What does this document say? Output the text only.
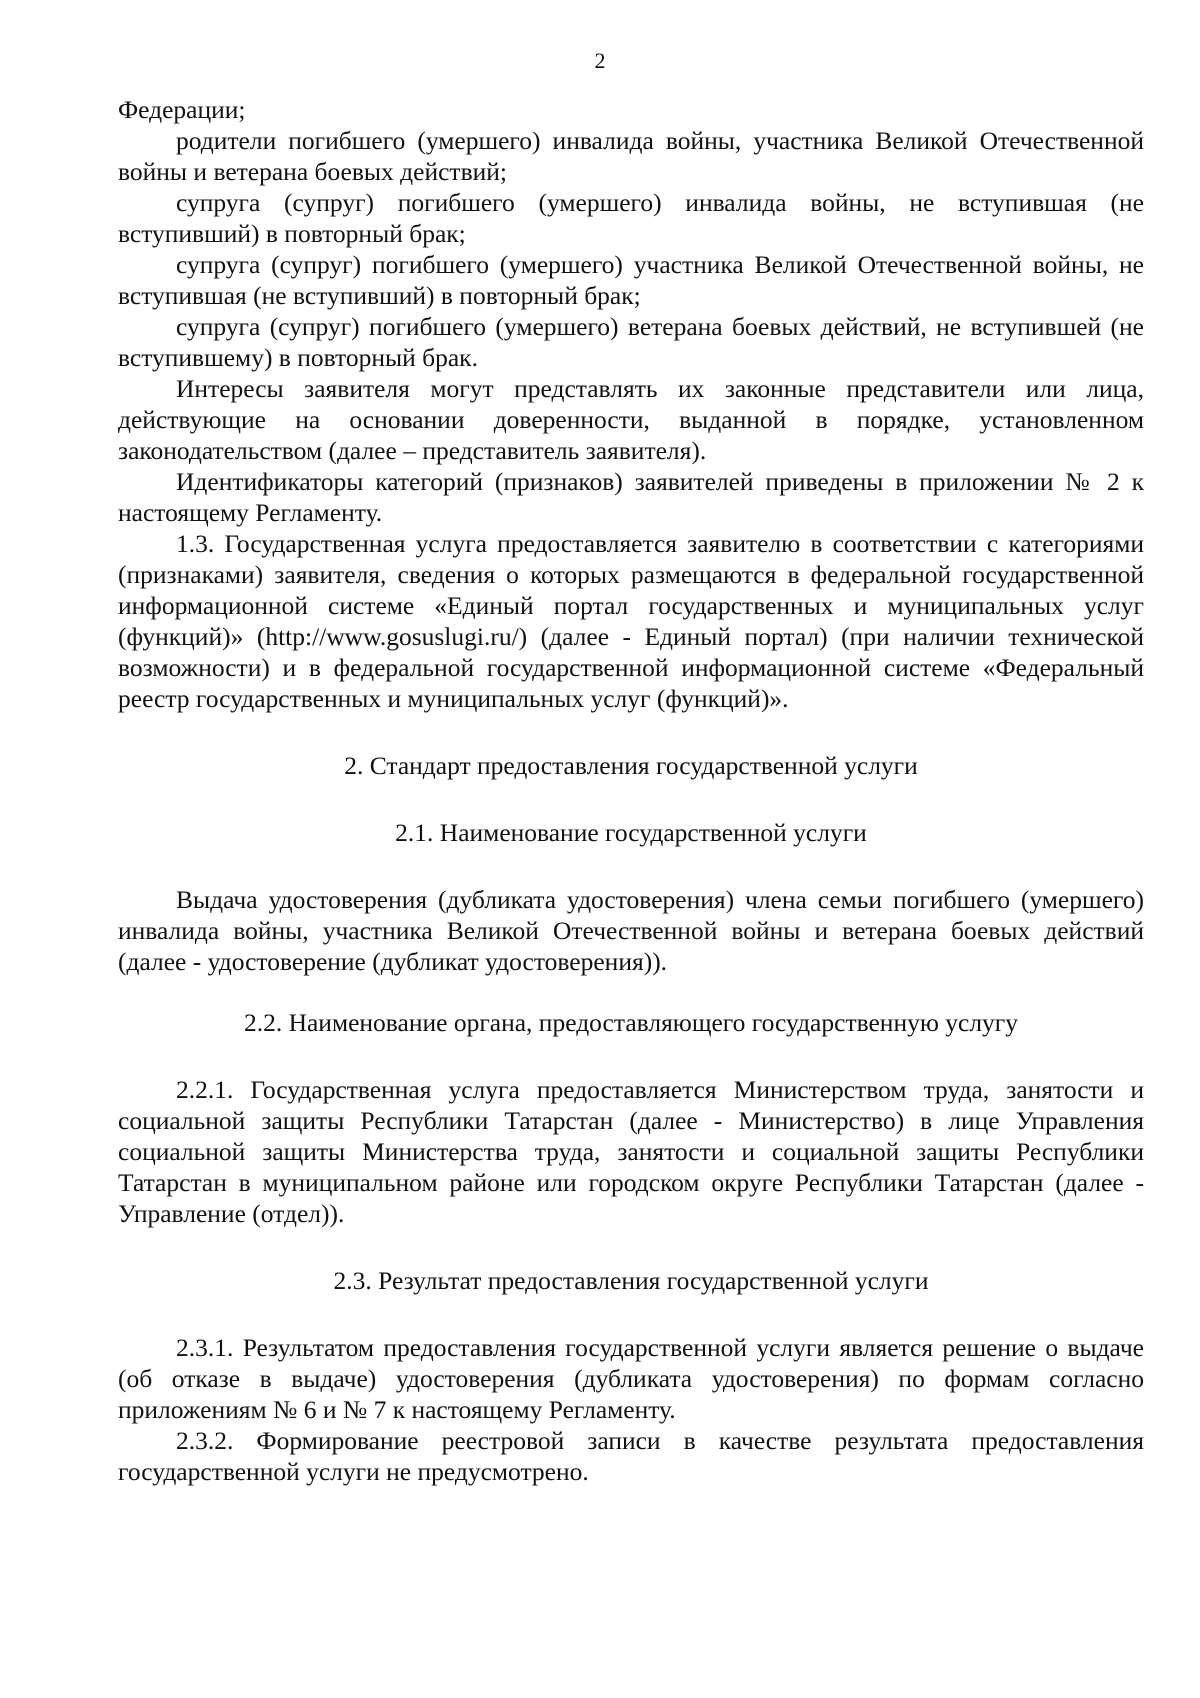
2

Федерации;

родители погибшего (умершего) инвалида войны, участника Великой Отечественной войны и ветерана боевых действий;

супруга (супруг) погибшего (умершего) инвалида войны, не вступившая (не вступивший) в повторный брак;

супруга (супруг) погибшего (умершего) участника Великой Отечественной войны, не вступившая (не вступивший) в повторный брак;

супруга (супруг) погибшего (умершего) ветерана боевых действий, не вступившей (не вступившему) в повторный брак.

Интересы заявителя могут представлять их законные представители или лица, действующие на основании доверенности, выданной в порядке, установленном законодательством (далее – представитель заявителя).

Идентификаторы категорий (признаков) заявителей приведены в приложении № 2 к настоящему Регламенту.

1.3. Государственная услуга предоставляется заявителю в соответствии с категориями (признаками) заявителя, сведения о которых размещаются в федеральной государственной информационной системе «Единый портал государственных и муниципальных услуг (функций)» (http://www.gosuslugi.ru/) (далее - Единый портал) (при наличии технической возможности) и в федеральной государственной информационной системе «Федеральный реестр государственных и муниципальных услуг (функций)».

2. Стандарт предоставления государственной услуги

2.1. Наименование государственной услуги

Выдача удостоверения (дубликата удостоверения) члена семьи погибшего (умершего) инвалида войны, участника Великой Отечественной войны и ветерана боевых действий (далее - удостоверение (дубликат удостоверения)).

2.2. Наименование органа, предоставляющего государственную услугу

2.2.1. Государственная услуга предоставляется Министерством труда, занятости и социальной защиты Республики Татарстан (далее - Министерство) в лице Управления социальной защиты Министерства труда, занятости и социальной защиты Республики Татарстан в муниципальном районе или городском округе Республики Татарстан (далее - Управление (отдел)).

2.3. Результат предоставления государственной услуги

2.3.1. Результатом предоставления государственной услуги является решение о выдаче (об отказе в выдаче) удостоверения (дубликата удостоверения) по формам согласно приложениям № 6 и № 7 к настоящему Регламенту.

2.3.2. Формирование реестровой записи в качестве результата предоставления государственной услуги не предусмотрено.
